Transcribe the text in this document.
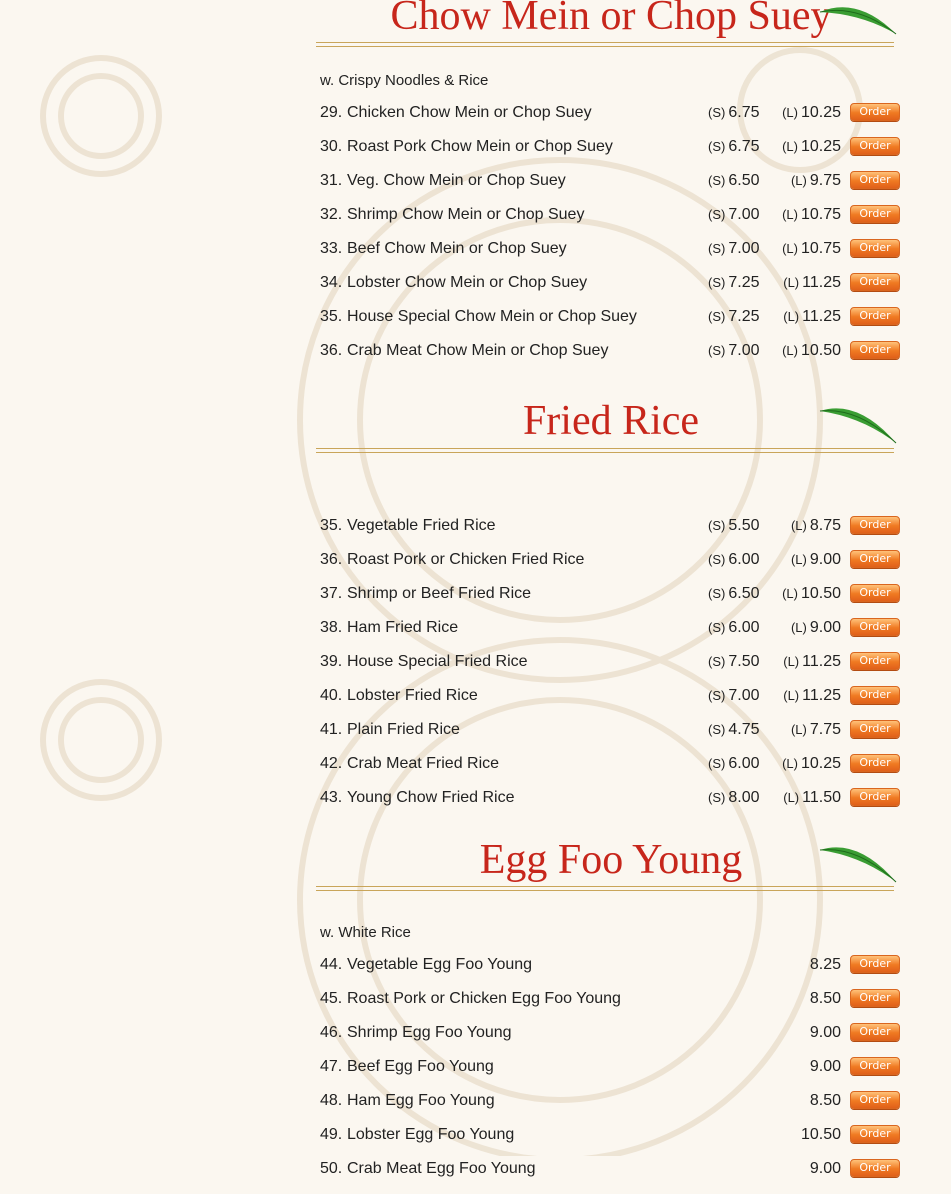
Chow Mein or Chop Suey
w. Crispy Noodles & Rice
29. Chicken Chow Mein or Chop Suey	(S) 6.75 (L) 10.25	Order
30. Roast Pork Chow Mein or Chop Suey	(S) 6.75 (L) 10.25	Order
31. Veg. Chow Mein or Chop Suey	(S) 6.50	(L) 9.75	Order
32. Shrimp Chow Mein or Chop Suey	(S) 7.00 (L) 10.75	Order
33. Beef Chow Mein or Chop Suey	(S) 7.00 (L) 10.75	Order
34. Lobster Chow Mein or Chop Suey	(S) 7.25	(L) 11.25	Order
35. House Special Chow Mein or Chop Suey	(S) 7.25	(L) 11.25	Order
36. Crab Meat Chow Mein or Chop Suey	(S) 7.00 (L) 10.50	Order
Fried Rice
35. Vegetable Fried Rice	(S) 5.50	(L) 8.75	Order
36. Roast Pork or Chicken Fried Rice	(S) 6.00	(L) 9.00	Order
37. Shrimp or Beef Fried Rice	(S) 6.50 (L) 10.50	Order
38. Ham Fried Rice	(S) 6.00	(L) 9.00	Order
39. House Special Fried Rice	(S) 7.50	(L) 11.25	Order
40. Lobster Fried Rice	(S) 7.00	(L) 11.25	Order
41. Plain Fried Rice	(S) 4.75	(L) 7.75	Order
42. Crab Meat Fried Rice	(S) 6.00 (L) 10.25	Order
43. Young Chow Fried Rice	(S) 8.00	(L) 11.50	Order
Egg Foo Young
w. White Rice
44. Vegetable Egg Foo Young	8.25	Order
45. Roast Pork or Chicken Egg Foo Young	8.50	Order
46. Shrimp Egg Foo Young	9.00	Order
47. Beef Egg Foo Young	9.00	Order
48. Ham Egg Foo Young	8.50	Order
49. Lobster Egg Foo Young	10.50	Order
50. Crab Meat Egg Foo Young	9.00	Order
